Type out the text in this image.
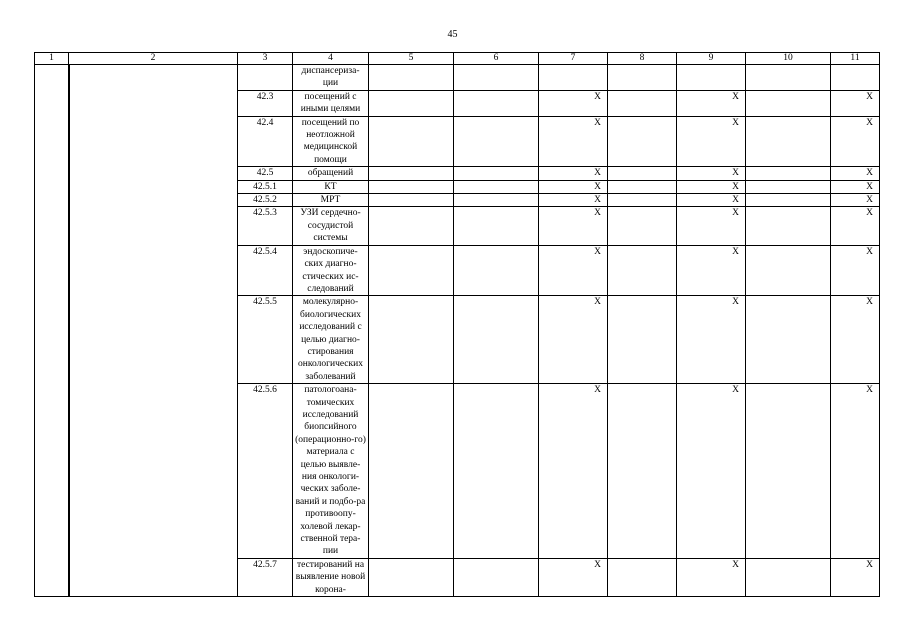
45
1	2	3	4	5	6	7	8	9	10	11
			диспансериза-ции							
		42.3	посещений с иными целями			X		X		X
		42.4	посещений по неотложной медицинской помощи			X		X		X
		42.5	обращений			X		X		X
		42.5.1	КТ			X		X		X
		42.5.2	МРТ			X		X		X
		42.5.3	УЗИ сердечно-сосудистой системы			X		X		X
		42.5.4	эндоскопиче-ских диагно-стических ис-следований			X		X		X
		42.5.5	молекулярно-биологических исследований с целью диагно-стирования онкологических заболеваний			X		X		X
		42.5.6	патологоана-томических исследований биопсийного (операционно-го) материала с целью выявле-ния онкологи-ческих заболе-ваний и подбо-ра противоопу-холевой лекар-ственной тера-пии			X		X		X
		42.5.7	тестирований на выявление новой корона-			X		X		X
